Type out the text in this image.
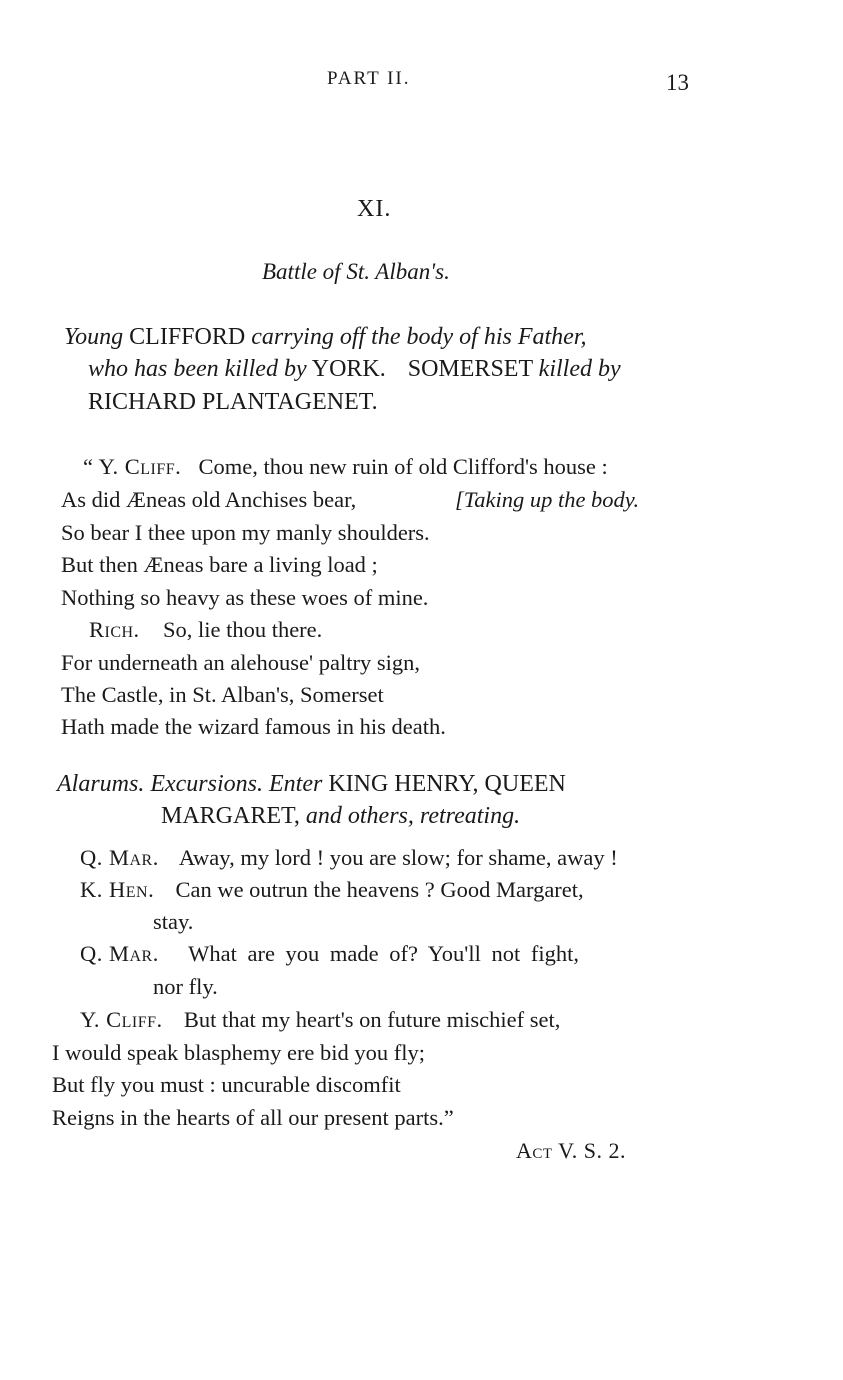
PART II.	13
XI.
Battle of St. Alban's.
Young CLIFFORD carrying off the body of his Father,
who has been killed by YORK. SOMERSET killed by
RICHARD PLANTAGENET.
“ Y. Cliff. Come, thou new ruin of old Clifford's house :
As did Æneas old Anchises bear,	[Taking up the body.
So bear I thee upon my manly shoulders.
But then Æneas bare a living load ;
Nothing so heavy as these woes of mine.
Rich. So, lie thou there.
For underneath an alehouse' paltry sign,
The Castle, in St. Alban's, Somerset
Hath made the wizard famous in his death.
Alarums. Excursions. Enter KING HENRY, QUEEN
MARGARET, and others, retreating.
Q. Mar. Away, my lord ! you are slow; for shame, away !
K. Hen. Can we outrun the heavens ? Good Margaret,
stay.
Q. Mar. What are you made of? You'll not fight,
nor fly.
Y. Cliff. But that my heart's on future mischief set,
I would speak blasphemy ere bid you fly;
But fly you must : uncurable discomfit
Reigns in the hearts of all our present parts.”
Act V. S. 2.
